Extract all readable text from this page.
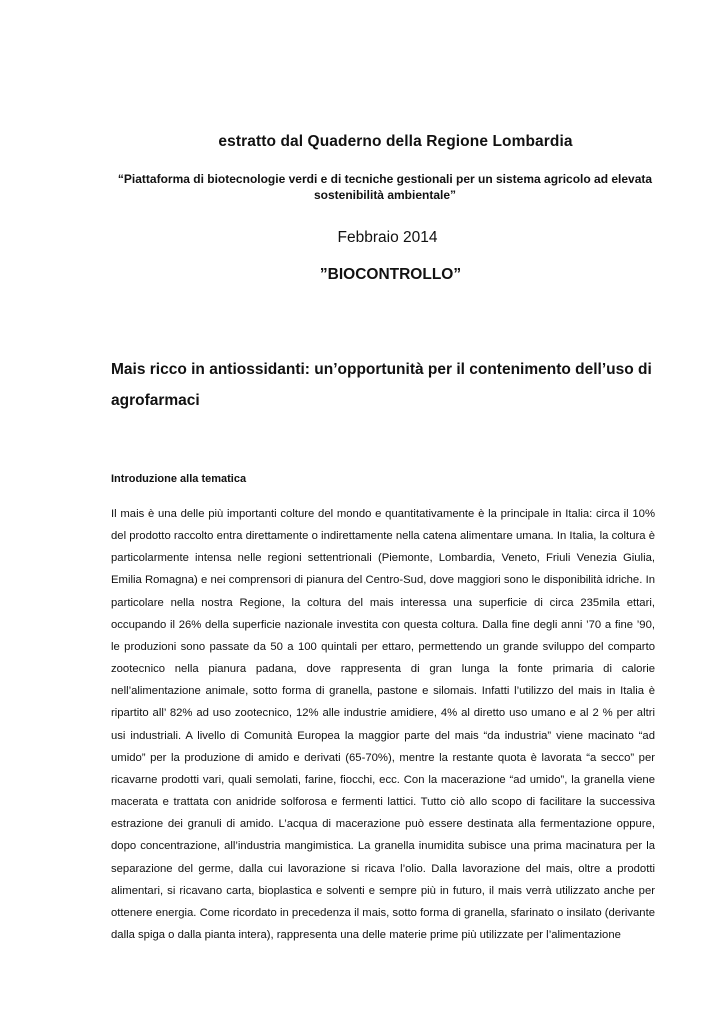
estratto dal Quaderno della Regione Lombardia
“Piattaforma di biotecnologie verdi e di tecniche gestionali per un sistema agricolo ad elevata sostenibilità ambientale”
Febbraio 2014
”BIOCONTROLLO”
Mais ricco in antiossidanti: un’opportunità per il contenimento dell’uso di agrofarmaci
Introduzione alla tematica

Il mais è una delle più importanti colture del mondo e quantitativamente è la principale in Italia: circa il 10% del prodotto raccolto entra direttamente o indirettamente nella catena alimentare umana. In Italia, la coltura è particolarmente intensa nelle regioni settentrionali (Piemonte, Lombardia, Veneto, Friuli Venezia Giulia, Emilia Romagna) e nei comprensori di pianura del Centro-Sud, dove maggiori sono le disponibilità idriche. In particolare nella nostra Regione, la coltura del mais interessa una superficie di circa 235mila ettari, occupando il 26% della superficie nazionale investita con questa coltura. Dalla fine degli anni ’70 a fine ’90, le produzioni sono passate da 50 a 100 quintali per ettaro, permettendo un grande sviluppo del comparto zootecnico nella pianura padana, dove rappresenta di gran lunga la fonte primaria di calorie nell’alimentazione animale, sotto forma di granella, pastone e silomais. Infatti l’utilizzo del mais in Italia è ripartito all’ 82% ad uso zootecnico, 12% alle industrie amidiere, 4% al diretto uso umano e al 2 % per altri usi industriali. A livello di Comunità Europea la maggior parte del mais “da industria” viene macinato “ad umido” per la produzione di amido e derivati (65-70%), mentre la restante quota è lavorata “a secco” per ricavarne prodotti vari, quali semolati, farine, fiocchi, ecc. Con la macerazione “ad umido”, la granella viene macerata e trattata con anidride solforosa e fermenti lattici. Tutto ciò allo scopo di facilitare la successiva estrazione dei granuli di amido. L’acqua di macerazione può essere destinata alla fermentazione oppure, dopo concentrazione, all’industria mangimistica. La granella inumidita subisce una prima macinatura per la separazione del germe, dalla cui lavorazione si ricava l’olio. Dalla lavorazione del mais, oltre a prodotti alimentari, si ricavano carta, bioplastica e solventi e sempre più in futuro, il mais verrà utilizzato anche per ottenere energia. Come ricordato in precedenza il mais, sotto forma di granella, sfarinato o insilato (derivante dalla spiga o dalla pianta intera), rappresenta una delle materie prime più utilizzate per l’alimentazione
